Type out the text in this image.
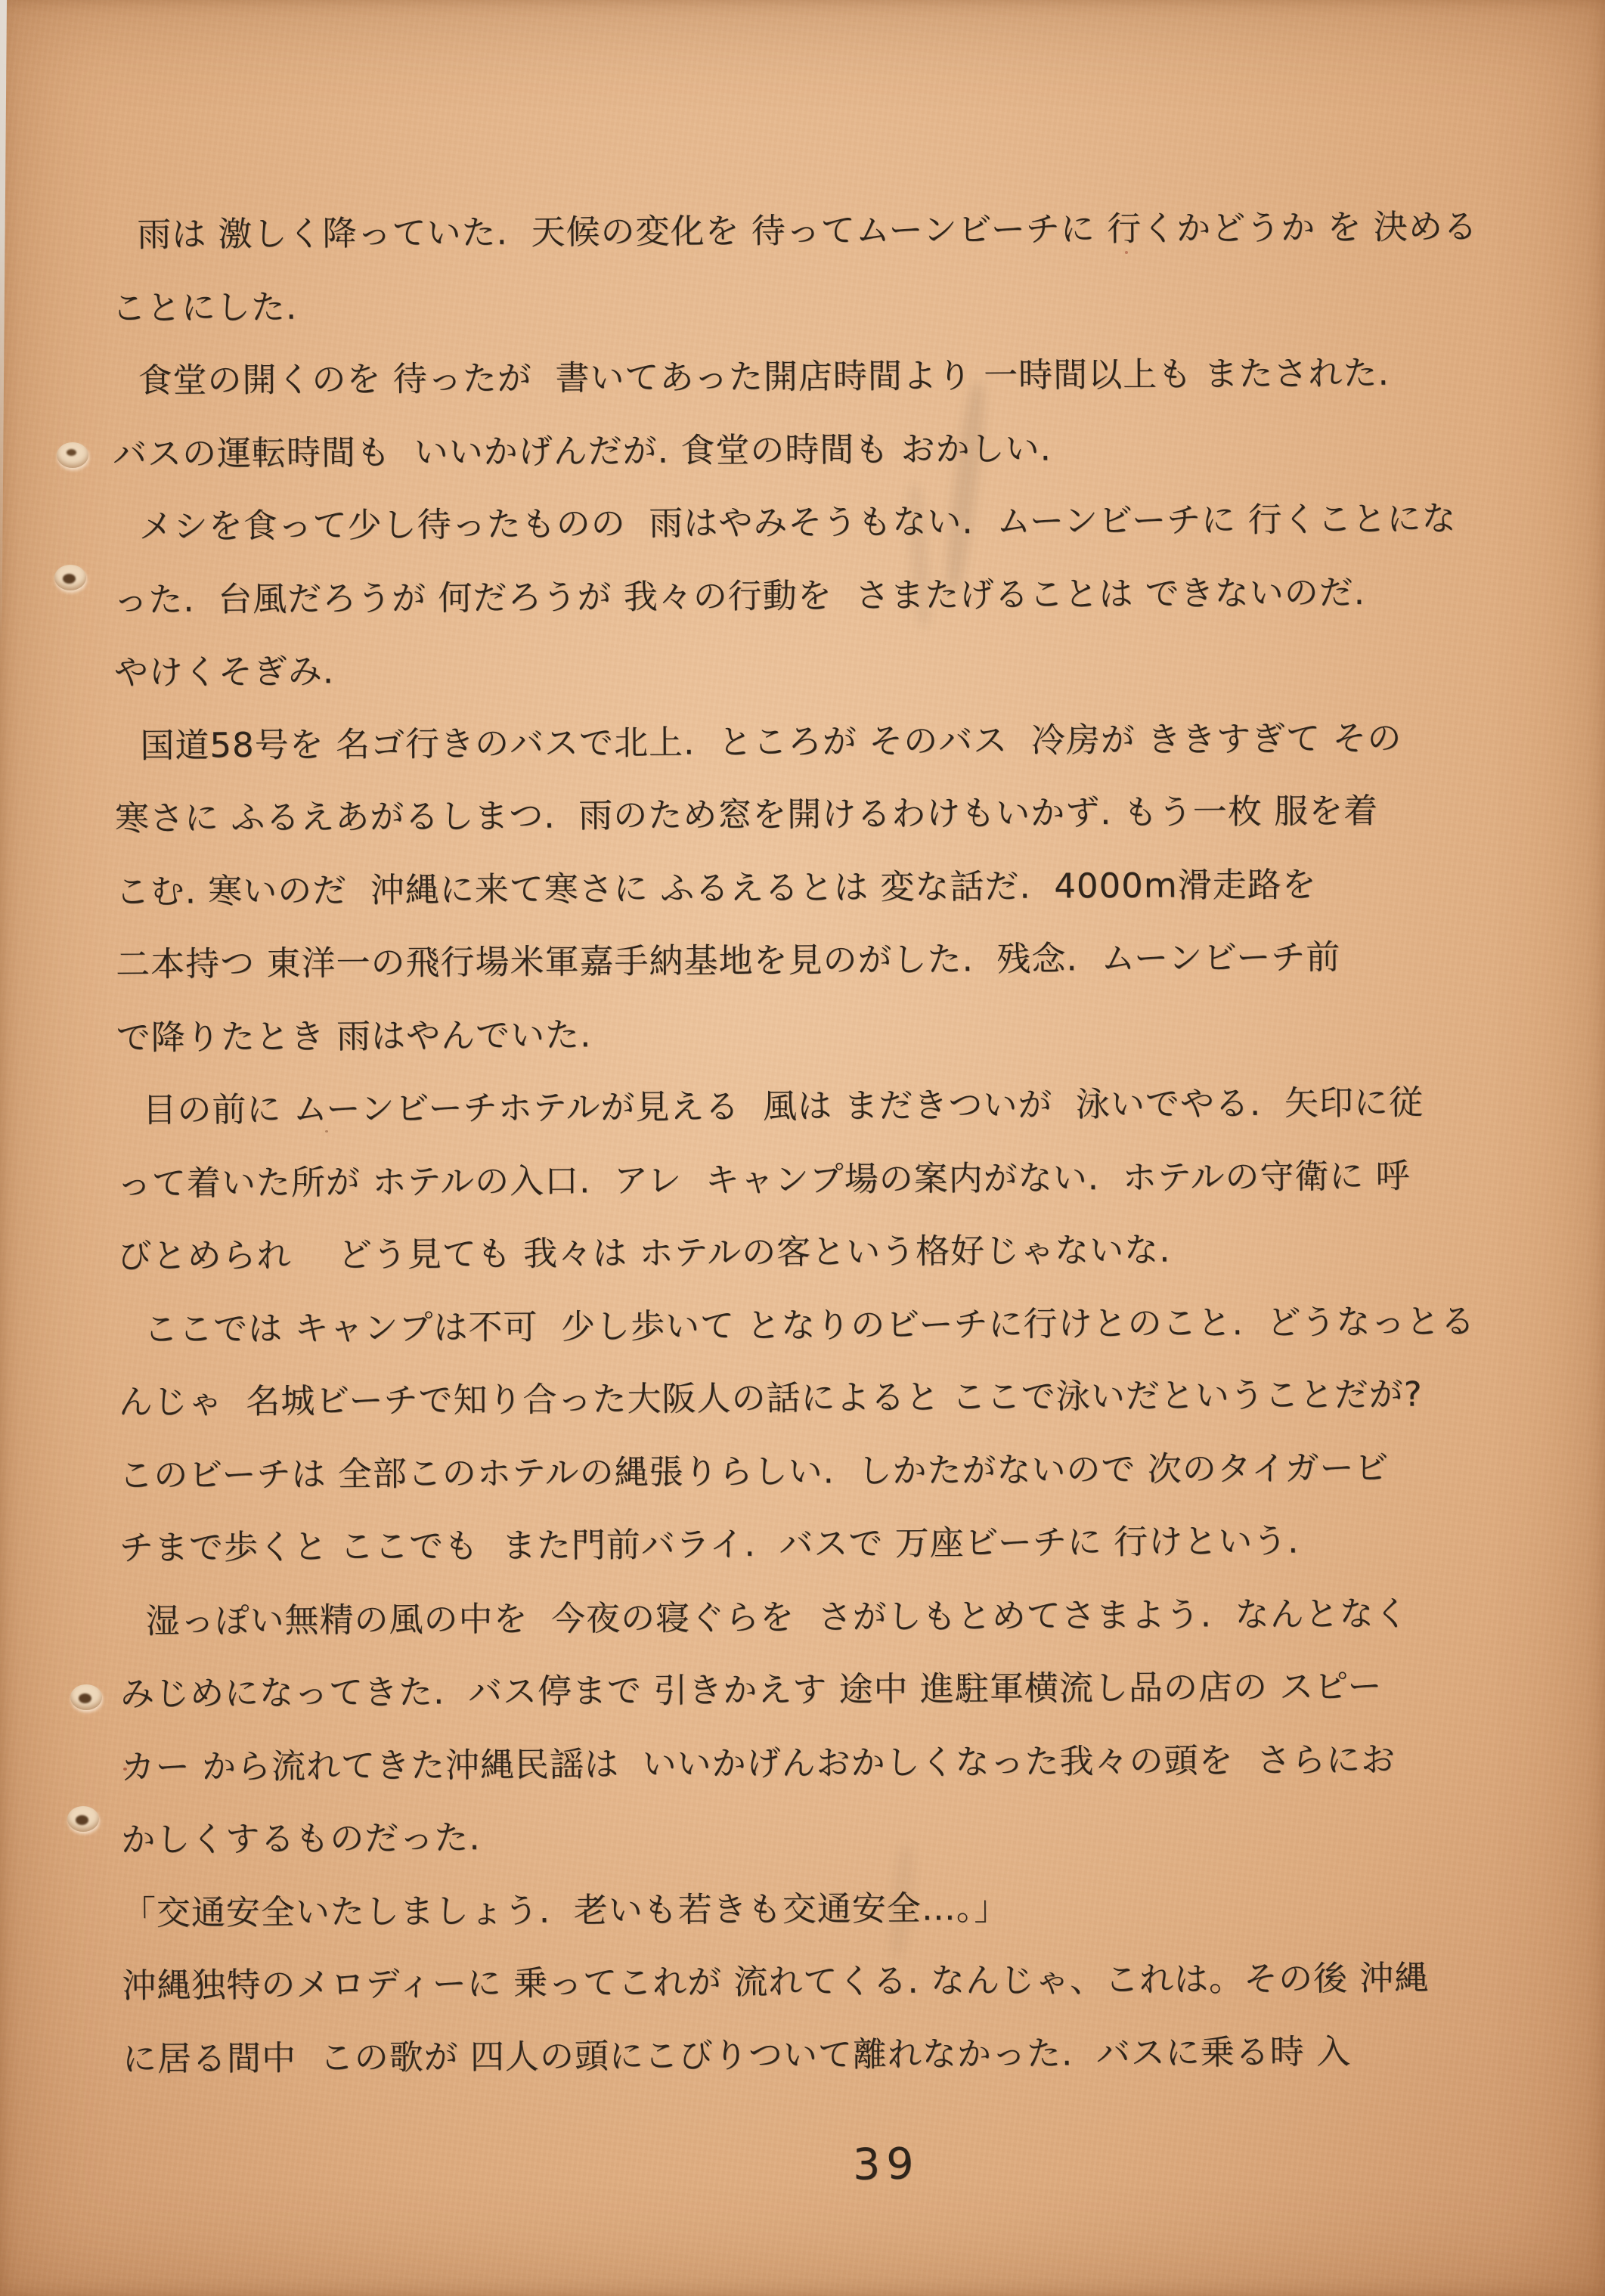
雨は 激しく降っていた.  天候の変化を 待ってムーンビーチに 行くかどうか を 決める

ことにした.

食堂の開くのを 待ったが  書いてあった開店時間より 一時間以上も またされた.

バスの運転時間も  いいかげんだが. 食堂の時間も おかしい.

メシを食って少し待ったものの  雨はやみそうもない.  ムーンビーチに 行くことにな

った.  台風だろうが 何だろうが 我々の行動を  さまたげることは できないのだ.

やけくそぎみ.

国道58号を 名ゴ行きのバスで北上.  ところが そのバス  冷房が ききすぎて その

寒さに ふるえあがるしまつ.  雨のため窓を開けるわけもいかず. もう一枚 服を着

こむ. 寒いのだ  沖縄に来て寒さに ふるえるとは 変な話だ.  4000m滑走路を

二本持つ 東洋一の飛行場米軍嘉手納基地を見のがした.  残念.  ムーンビーチ前

で降りたとき 雨はやんでいた.

目の前に ムーンビーチホテルが見える  風は まだきついが  泳いでやる.  矢印に従

って着いた所が ホテルの入口.  アレ  キャンプ場の案内がない.  ホテルの守衛に 呼

びとめられ    どう見ても 我々は ホテルの客という格好じゃないな.

ここでは キャンプは不可  少し歩いて となりのビーチに行けとのこと.  どうなっとる

んじゃ  名城ビーチで知り合った大阪人の話によると ここで泳いだということだが?

このビーチは 全部このホテルの縄張りらしい.  しかたがないので 次のタイガービ

チまで歩くと ここでも  また門前バライ.  バスで 万座ビーチに 行けという.

湿っぽい無精の風の中を  今夜の寝ぐらを  さがしもとめてさまよう.  なんとなく

みじめになってきた.  バス停まで 引きかえす 途中 進駐軍横流し品の店の スピー

カー から流れてきた沖縄民謡は  いいかげんおかしくなった我々の頭を  さらにお

かしくするものだった.

「交通安全いたしましょう.  老いも若きも交通安全…。」

沖縄独特のメロディーに 乗ってこれが 流れてくる. なんじゃ、これは。その後 沖縄

に居る間中  この歌が 四人の頭にこびりついて離れなかった.  バスに乗る時 入

39
